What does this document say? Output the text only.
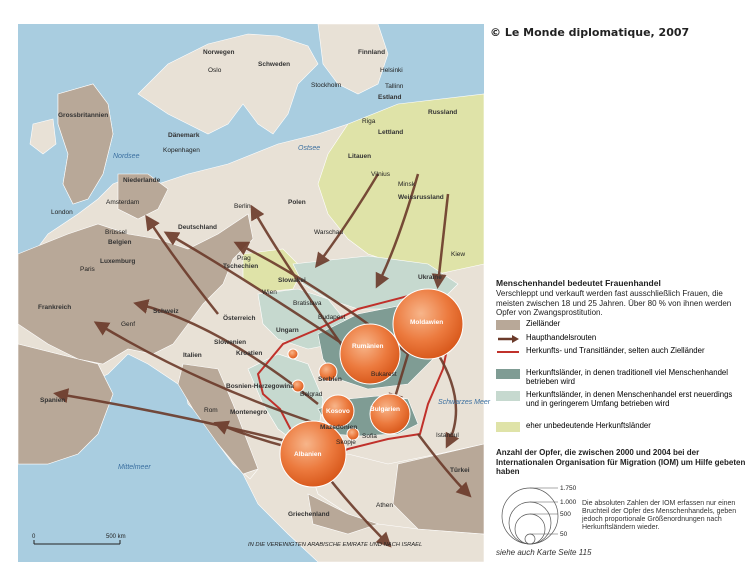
Norwegen
Schweden
Finnland
Grossbritannien
Dänemark
Estland
Lettland
Russland
Litauen
Niederlande
Weissrussland
Polen
Deutschland
Belgien
Luxemburg
Tschechien
Ukraine
Slowakei
Frankreich
Schweiz
Österreich
Ungarn
Moldawien
Slowenien
Rumänien
Kroatien
Serbien
Italien
Bosnien-Herzegowina
Montenegro	Kosovo	Bulgarien
Spanien
Mazedonien
Albanien
Türkei
Griechenland
Oslo
Stockholm
Helsinki
Tallinn
Riga
Kopenhagen
Vilnius
Minsk
Amsterdam
London
Berlin
Warschau
Brüssel
Paris
Prag
Kiew
Wien
Bratislava
Budapest
Genf
Belgrad
Bukarest
Rom
Sofia
Skopje
Istanbul
Athen
Nordsee
Ostsee
Mittelmeer
Schwarzes Meer
0	500 km
IN DIE VEREINIGTEN ARABISCHE EMIRATE UND NACH ISRAEL
© Le Monde diplomatique, 2007
Menschenhandel bedeutet Frauenhandel
Verschleppt und verkauft werden fast ausschließlich Frauen, die meisten zwischen 18 und 25 Jahren. Über 80 % von ihnen werden Opfer von Zwangsprostitution.
Zielländer
Haupthandelsrouten
Herkunfts- und Transitländer, selten auch Zielländer
Herkunftsländer, in denen traditionell viel Menschenhandel betrieben wird
Herkunftsländer, in denen Menschenhandel erst neuerdings und in geringerem Umfang betrieben wird
eher unbedeutende Herkunftsländer
Anzahl der Opfer, die zwischen 2000 und 2004 bei der Internationalen Organisation für Migration (IOM) um Hilfe gebeten haben
1.750
1.000
500
50
Die absoluten Zahlen der IOM erfassen nur einen Bruchteil der Opfer des Menschenhandels, geben jedoch proportionale Größenordnungen nach Herkunftsländern wieder.
siehe auch Karte Seite 115
